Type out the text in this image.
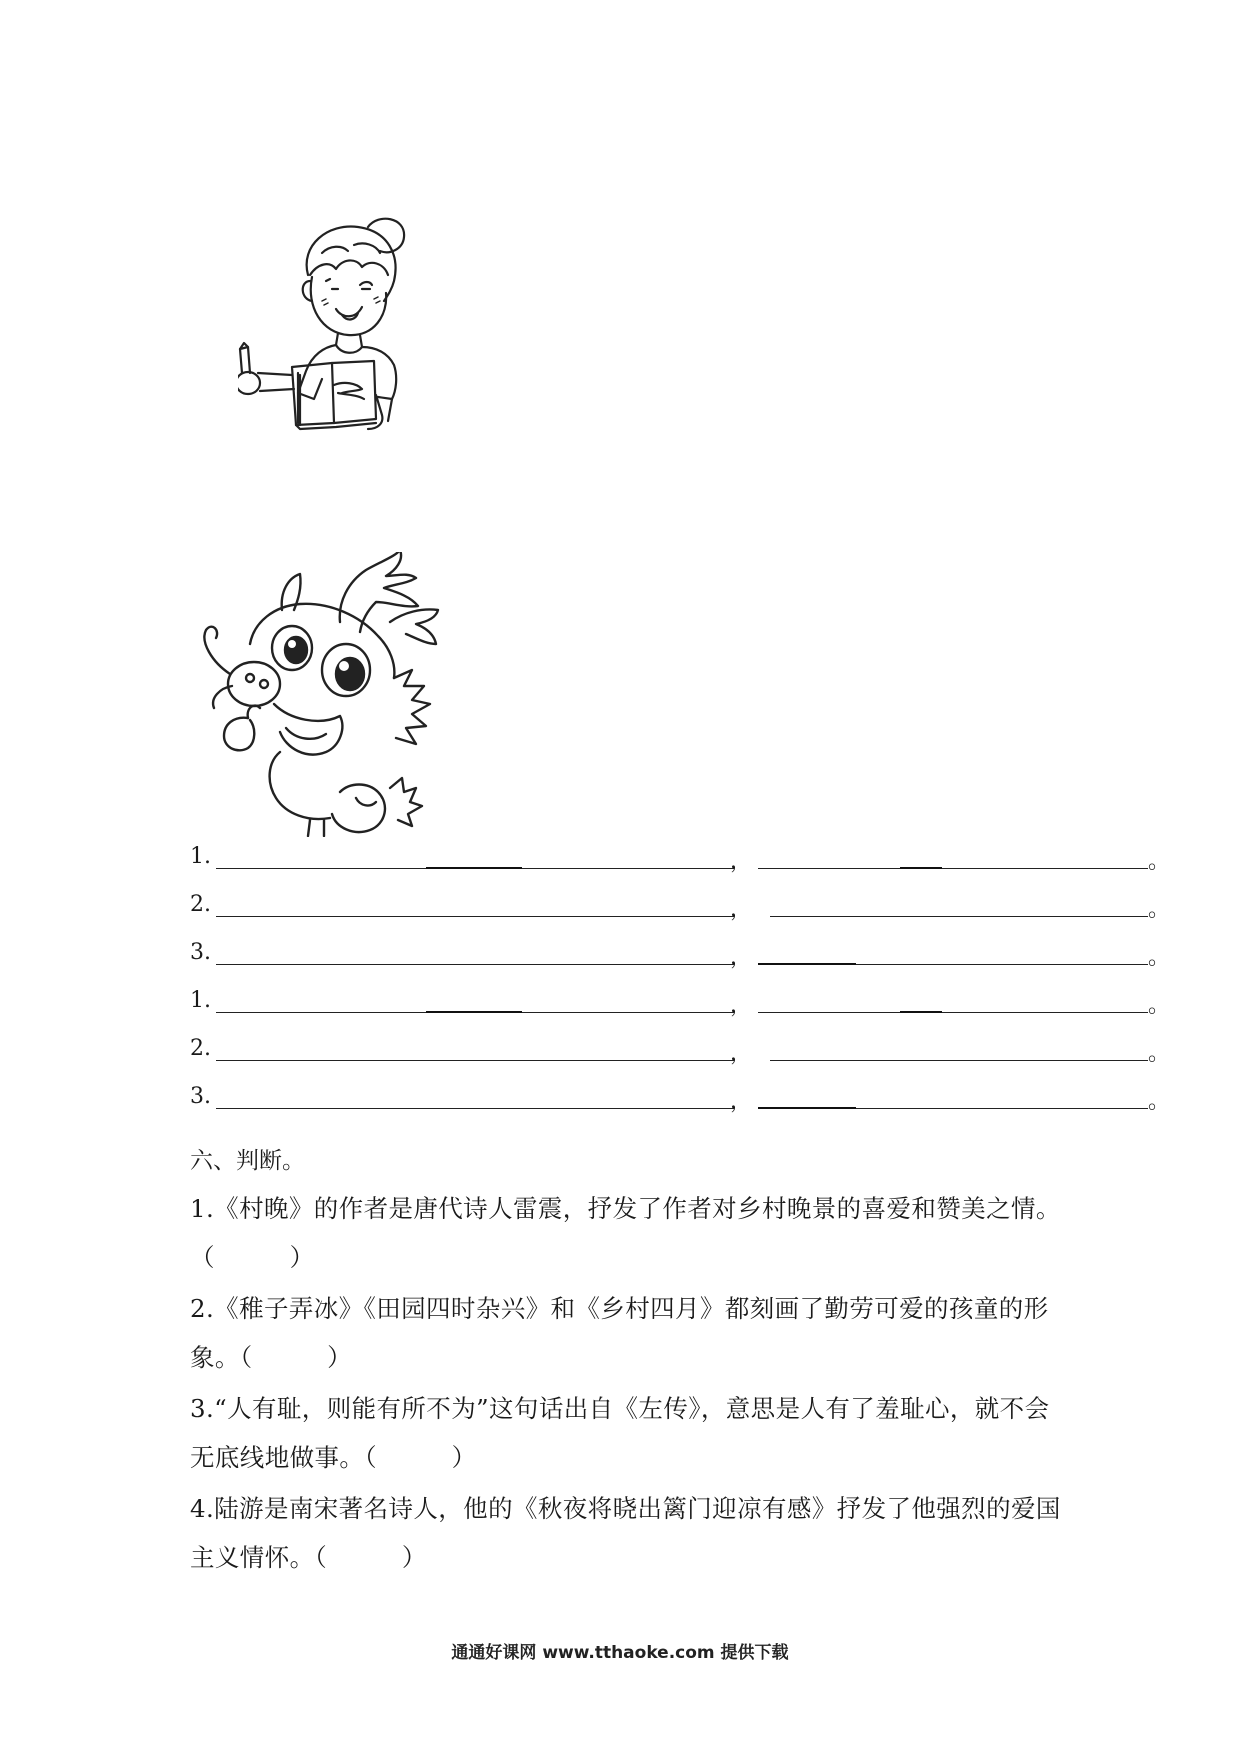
1.	，	。
2.	，	。
3.	，	。
1.	，	。
2.	，	。
3.	，	。
六、判断。
1.《村晚》的作者是唐代诗人雷震，抒发了作者对乡村晚景的喜爱和赞美之情。
（　　　）
2.《稚子弄冰》《田园四时杂兴》和《乡村四月》都刻画了勤劳可爱的孩童的形象。（　　　）
3.“人有耻，则能有所不为”这句话出自《左传》，意思是人有了羞耻心，就不会无底线地做事。（　　　）
4.陆游是南宋著名诗人，他的《秋夜将晓出篱门迎凉有感》抒发了他强烈的爱国主义情怀。（　　　）
通通好课网 www.tthaoke.com 提供下载
